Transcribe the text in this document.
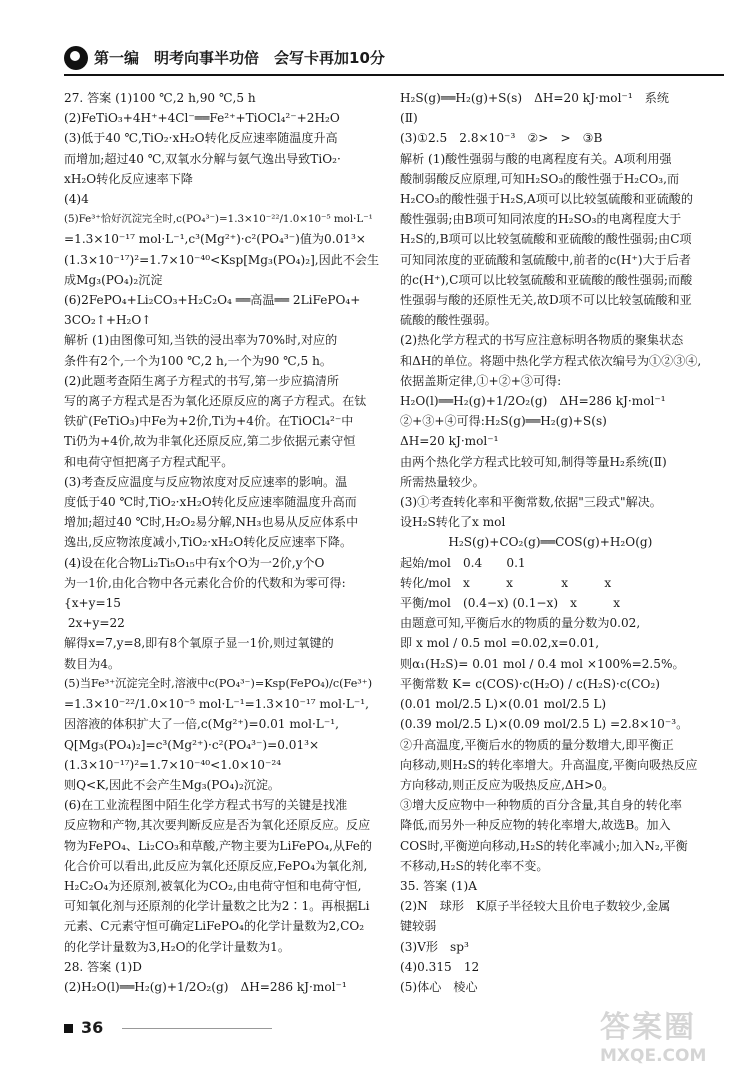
第一编　明考向事半功倍　会写卡再加10分

27. 答案 (1)100 ℃,2 h,90 ℃,5 h

(2)FeTiO₃+4H⁺+4Cl⁻══Fe²⁺+TiOCl₄²⁻+2H₂O

(3)低于40 ℃,TiO₂·xH₂O转化反应速率随温度升高

而增加;超过40 ℃,双氧水分解与氨气逸出导致TiO₂·

xH₂O转化反应速率下降

(4)4

(5)Fe³⁺恰好沉淀完全时,c(PO₄³⁻)=1.3×10⁻²²/1.0×10⁻⁵ mol·L⁻¹

=1.3×10⁻¹⁷ mol·L⁻¹,c³(Mg²⁺)·c²(PO₄³⁻)值为0.01³×

(1.3×10⁻¹⁷)²=1.7×10⁻⁴⁰<Ksp[Mg₃(PO₄)₂],因此不会生

成Mg₃(PO₄)₂沉淀

(6)2FePO₄+Li₂CO₃+H₂C₂O₄ ══高温══ 2LiFePO₄+

3CO₂↑+H₂O↑

解析 (1)由图像可知,当铁的浸出率为70%时,对应的

条件有2个,一个为100 ℃,2 h,一个为90 ℃,5 h。

(2)此题考查陌生离子方程式的书写,第一步应搞清所

写的离子方程式是否为氧化还原反应的离子方程式。在钛

铁矿(FeTiO₃)中Fe为+2价,Ti为+4价。在TiOCl₄²⁻中

Ti仍为+4价,故为非氧化还原反应,第二步依据元素守恒

和电荷守恒把离子方程式配平。

(3)考查反应温度与反应物浓度对反应速率的影响。温

度低于40 ℃时,TiO₂·xH₂O转化反应速率随温度升高而

增加;超过40 ℃时,H₂O₂易分解,NH₃也易从反应体系中

逸出,反应物浓度减小,TiO₂·xH₂O转化反应速率下降。

(4)设在化合物Li₂Ti₅O₁₅中有x个O为一2价,y个O

为一1价,由化合物中各元素化合价的代数和为零可得:

{x+y=15

2x+y=22

解得x=7,y=8,即有8个氧原子显一1价,则过氧键的

数目为4。

(5)当Fe³⁺沉淀完全时,溶液中c(PO₄³⁻)=Ksp(FePO₄)/c(Fe³⁺)

=1.3×10⁻²²/1.0×10⁻⁵ mol·L⁻¹=1.3×10⁻¹⁷ mol·L⁻¹,

因溶液的体积扩大了一倍,c(Mg²⁺)=0.01 mol·L⁻¹,

Q[Mg₃(PO₄)₂]=c³(Mg²⁺)·c²(PO₄³⁻)=0.01³×

(1.3×10⁻¹⁷)²=1.7×10⁻⁴⁰<1.0×10⁻²⁴

则Q<K,因此不会产生Mg₃(PO₄)₂沉淀。

(6)在工业流程图中陌生化学方程式书写的关键是找准

反应物和产物,其次要判断反应是否为氧化还原反应。反应

物为FePO₄、Li₂CO₃和草酸,产物主要为LiFePO₄,从Fe的

化合价可以看出,此反应为氧化还原反应,FePO₄为氧化剂,

H₂C₂O₄为还原剂,被氧化为CO₂,由电荷守恒和电荷守恒,

可知氧化剂与还原剂的化学计量数之比为2∶1。再根据Li

元素、C元素守恒可确定LiFePO₄的化学计量数为2,CO₂

的化学计量数为3,H₂O的化学计量数为1。

28. 答案 (1)D

(2)H₂O(l)══H₂(g)+1/2O₂(g)　ΔH=286 kJ·mol⁻¹

H₂S(g)══H₂(g)+S(s)　ΔH=20 kJ·mol⁻¹　系统

(Ⅱ)

(3)①2.5　2.8×10⁻³　②>　>　③B

解析 (1)酸性强弱与酸的电离程度有关。A项利用强

酸制弱酸反应原理,可知H₂SO₃的酸性强于H₂CO₃,而

H₂CO₃的酸性强于H₂S,A项可以比较氢硫酸和亚硫酸的

酸性强弱;由B项可知同浓度的H₂SO₃的电离程度大于

H₂S的,B项可以比较氢硫酸和亚硫酸的酸性强弱;由C项

可知同浓度的亚硫酸和氢硫酸中,前者的c(H⁺)大于后者

的c(H⁺),C项可以比较氢硫酸和亚硫酸的酸性强弱;而酸

性强弱与酸的还原性无关,故D项不可以比较氢硫酸和亚

硫酸的酸性强弱。

(2)热化学方程式的书写应注意标明各物质的聚集状态

和ΔH的单位。将题中热化学方程式依次编号为①②③④,

依据盖斯定律,①+②+③可得:

H₂O(l)══H₂(g)+1/2O₂(g)　ΔH=286 kJ·mol⁻¹

②+③+④可得:H₂S(g)══H₂(g)+S(s)

ΔH=20 kJ·mol⁻¹

由两个热化学方程式比较可知,制得等量H₂系统(Ⅱ)

所需热量较少。

(3)①考查转化率和平衡常数,依据"三段式"解决。

设H₂S转化了x mol

　　　　H₂S(g)+CO₂(g)══COS(g)+H₂O(g)

起始/mol　0.4　　0.1

转化/mol　x　　　x　　　　x　　　x

平衡/mol　(0.4−x) (0.1−x)　x　　　x

由题意可知,平衡后水的物质的量分数为0.02,

即 x mol / 0.5 mol =0.02,x=0.01,

则α₁(H₂S)= 0.01 mol / 0.4 mol ×100%=2.5%。

平衡常数 K= c(COS)·c(H₂O) / c(H₂S)·c(CO₂)

(0.01 mol/2.5 L)×(0.01 mol/2.5 L)

(0.39 mol/2.5 L)×(0.09 mol/2.5 L) =2.8×10⁻³。

②升高温度,平衡后水的物质的量分数增大,即平衡正

向移动,则H₂S的转化率增大。升高温度,平衡向吸热反应

方向移动,则正反应为吸热反应,ΔH>0。

③增大反应物中一种物质的百分含量,其自身的转化率

降低,而另外一种反应物的转化率增大,故选B。加入

COS时,平衡逆向移动,H₂S的转化率减小;加入N₂,平衡

不移动,H₂S的转化率不变。

35. 答案 (1)A

(2)N　球形　K原子半径较大且价电子数较少,金属

键较弱

(3)V形　sp³

(4)0.315　12

(5)体心　棱心

36	答案圈
MXQE.COM
